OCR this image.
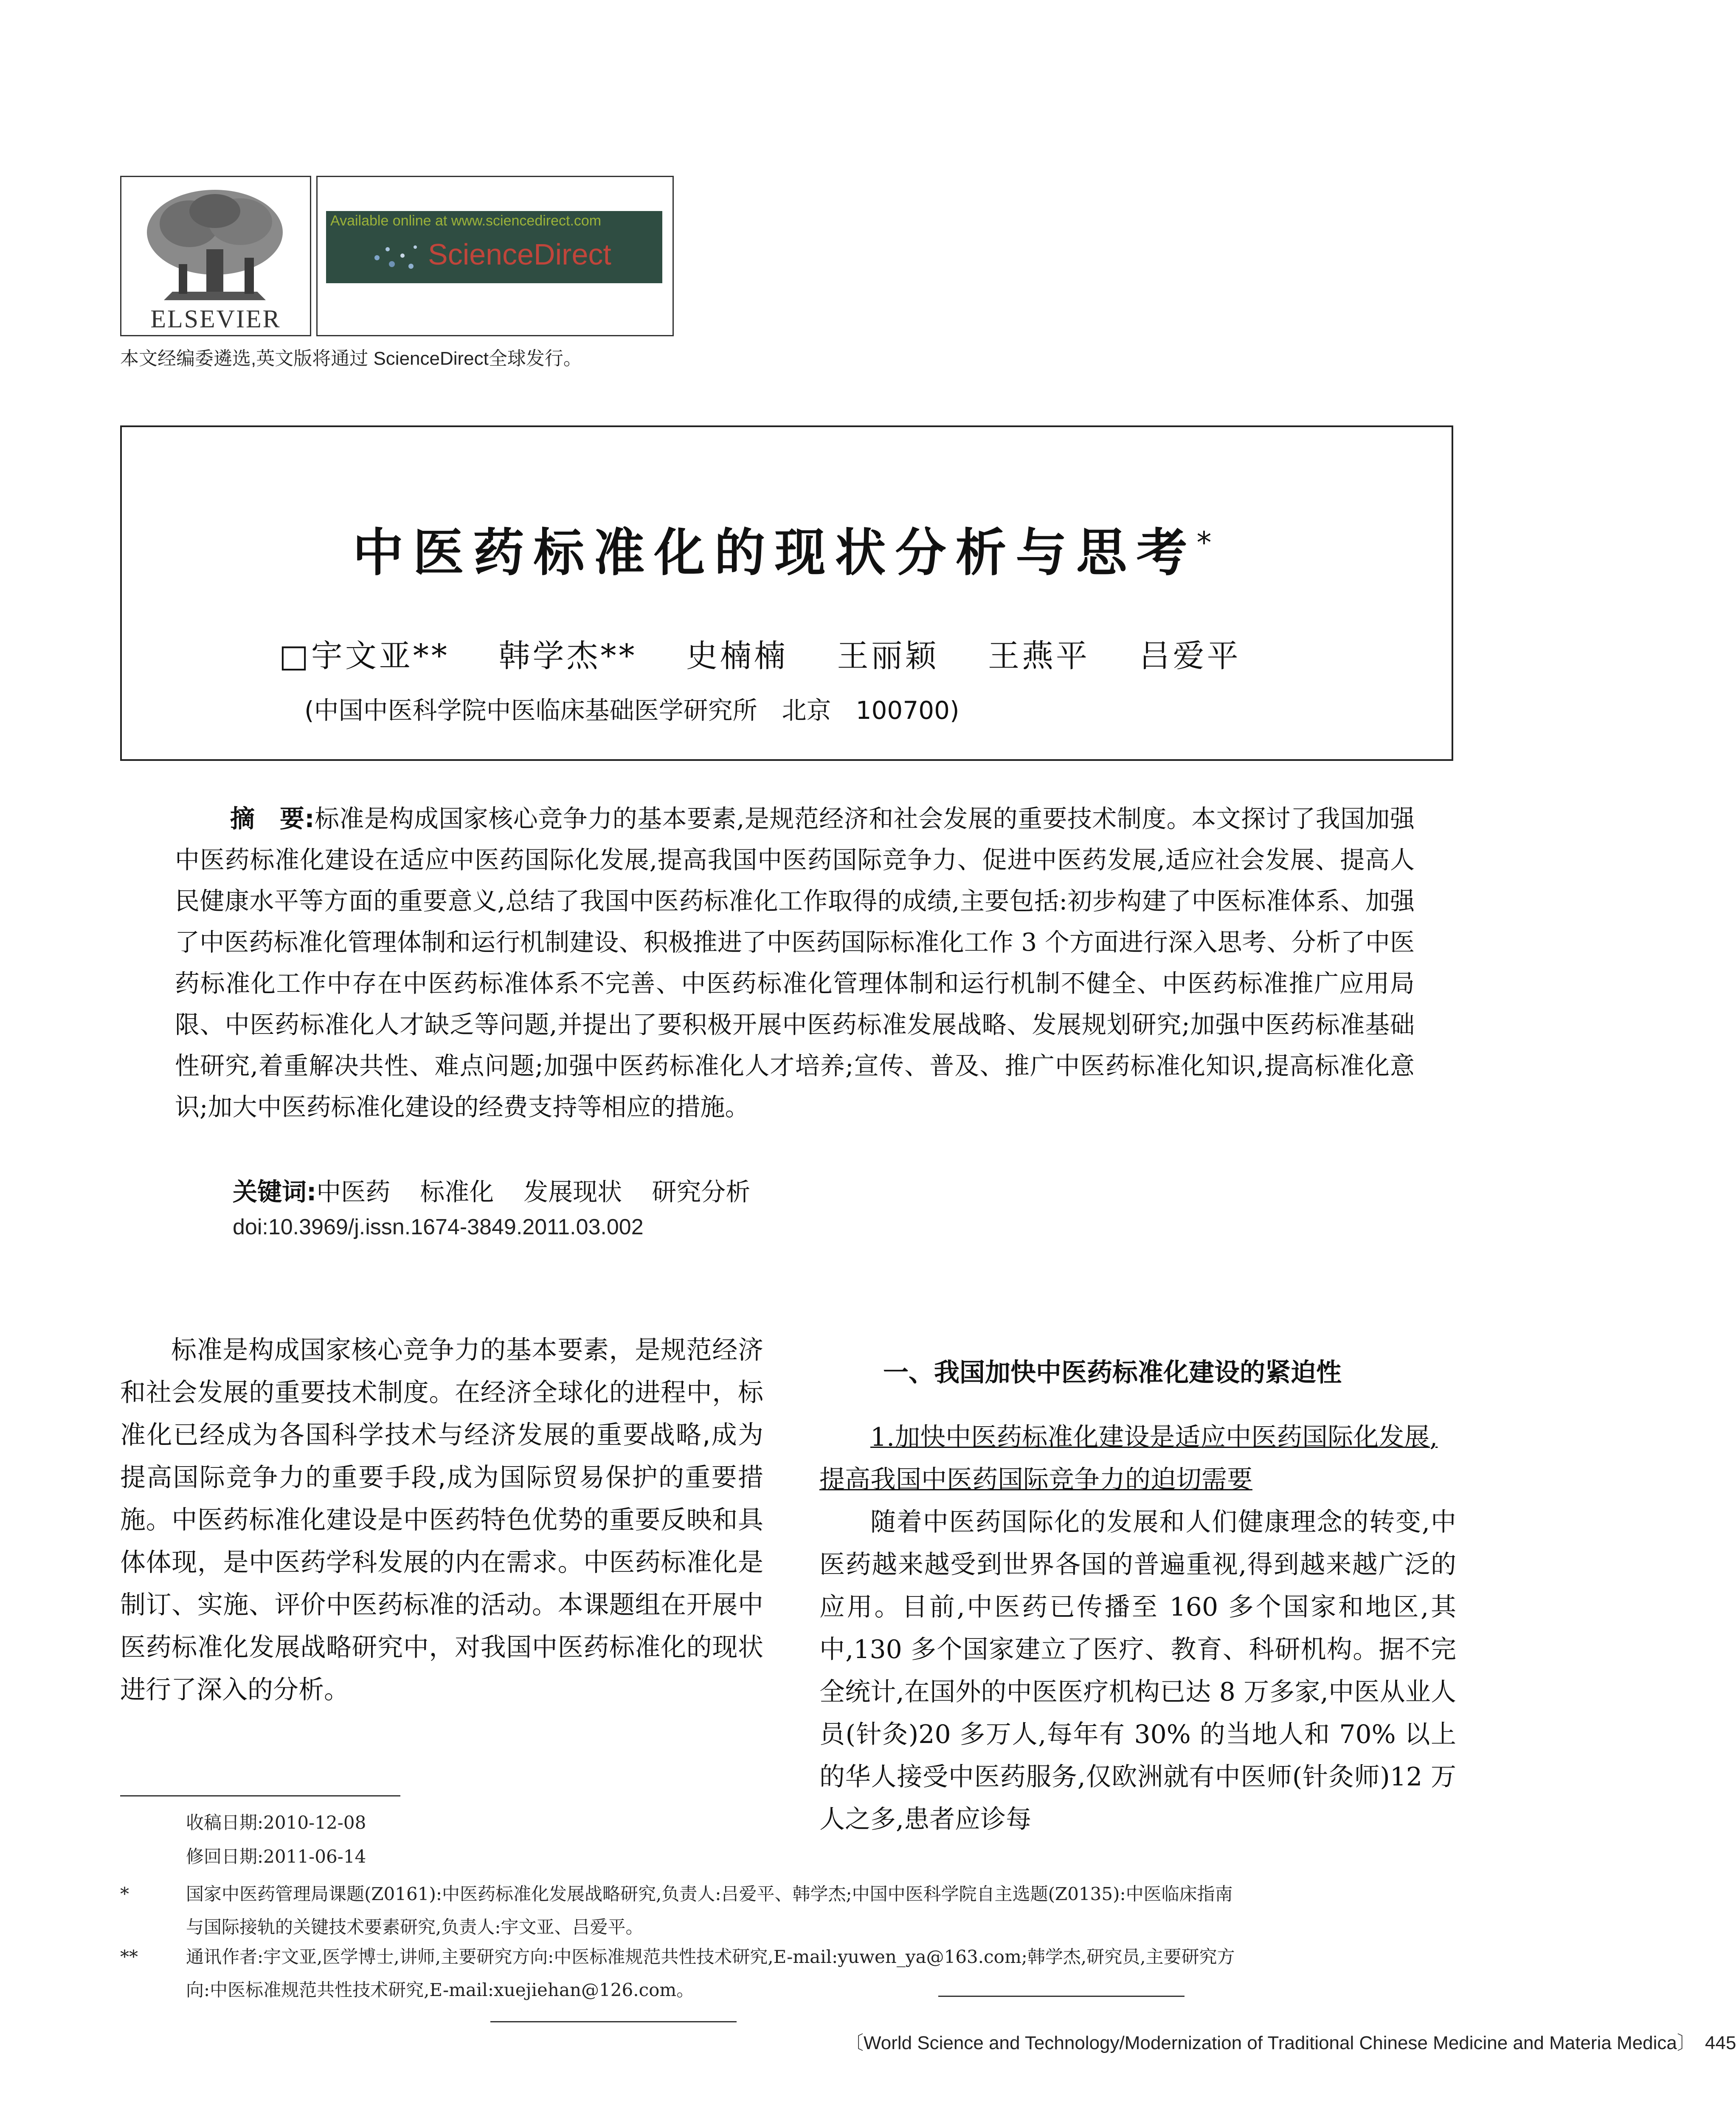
ELSEVIER
Available online at www.sciencedirect.com
ScienceDirect
本文经编委遴选,英文版将通过 ScienceDirect全球发行。
中医药标准化的现状分析与思考*
□宇文亚** 韩学杰** 史楠楠 王丽颖 王燕平 吕爱平
(中国中医科学院中医临床基础医学研究所　北京　100700)
摘　要:标准是构成国家核心竞争力的基本要素,是规范经济和社会发展的重要技术制度。本文探讨了我国加强中医药标准化建设在适应中医药国际化发展,提高我国中医药国际竞争力、促进中医药发展,适应社会发展、提高人民健康水平等方面的重要意义,总结了我国中医药标准化工作取得的成绩,主要包括:初步构建了中医标准体系、加强了中医药标准化管理体制和运行机制建设、积极推进了中医药国际标准化工作 3 个方面进行深入思考、分析了中医药标准化工作中存在中医药标准体系不完善、中医药标准化管理体制和运行机制不健全、中医药标准推广应用局限、中医药标准化人才缺乏等问题,并提出了要积极开展中医药标准发展战略、发展规划研究;加强中医药标准基础性研究,着重解决共性、难点问题;加强中医药标准化人才培养;宣传、普及、推广中医药标准化知识,提高标准化意识;加大中医药标准化建设的经费支持等相应的措施。
关键词:中医药 标准化 发展现状 研究分析
doi:10.3969/j.issn.1674-3849.2011.03.002
标准是构成国家核心竞争力的基本要素，是规范经济和社会发展的重要技术制度。在经济全球化的进程中，标准化已经成为各国科学技术与经济发展的重要战略,成为提高国际竞争力的重要手段,成为国际贸易保护的重要措施。中医药标准化建设是中医药特色优势的重要反映和具体体现，是中医药学科发展的内在需求。中医药标准化是制订、实施、评价中医药标准的活动。本课题组在开展中医药标准化发展战略研究中，对我国中医药标准化的现状进行了深入的分析。
一、我国加快中医药标准化建设的紧迫性
1.加快中医药标准化建设是适应中医药国际化发展,提高我国中医药国际竞争力的迫切需要
随着中医药国际化的发展和人们健康理念的转变,中医药越来越受到世界各国的普遍重视,得到越来越广泛的应用。目前,中医药已传播至 160 多个国家和地区,其中,130 多个国家建立了医疗、教育、科研机构。据不完全统计,在国外的中医医疗机构已达 8 万多家,中医从业人员(针灸)20 多万人,每年有 30% 的当地人和 70% 以上的华人接受中医药服务,仅欧洲就有中医师(针灸师)12 万人之多,患者应诊每
收稿日期:2010-12-08
修回日期:2011-06-14
*	国家中医药管理局课题(Z0161):中医药标准化发展战略研究,负责人:吕爱平、韩学杰;中国中医科学院自主选题(Z0135):中医临床指南
与国际接轨的关键技术要素研究,负责人:宇文亚、吕爱平。
**	通讯作者:宇文亚,医学博士,讲师,主要研究方向:中医标准规范共性技术研究,E-mail:yuwen_ya@163.com;韩学杰,研究员,主要研究方
向:中医标准规范共性技术研究,E-mail:xuejiehan@126.com。
〔World Science and Technology/Modernization of Traditional Chinese Medicine and Materia Medica〕　445
